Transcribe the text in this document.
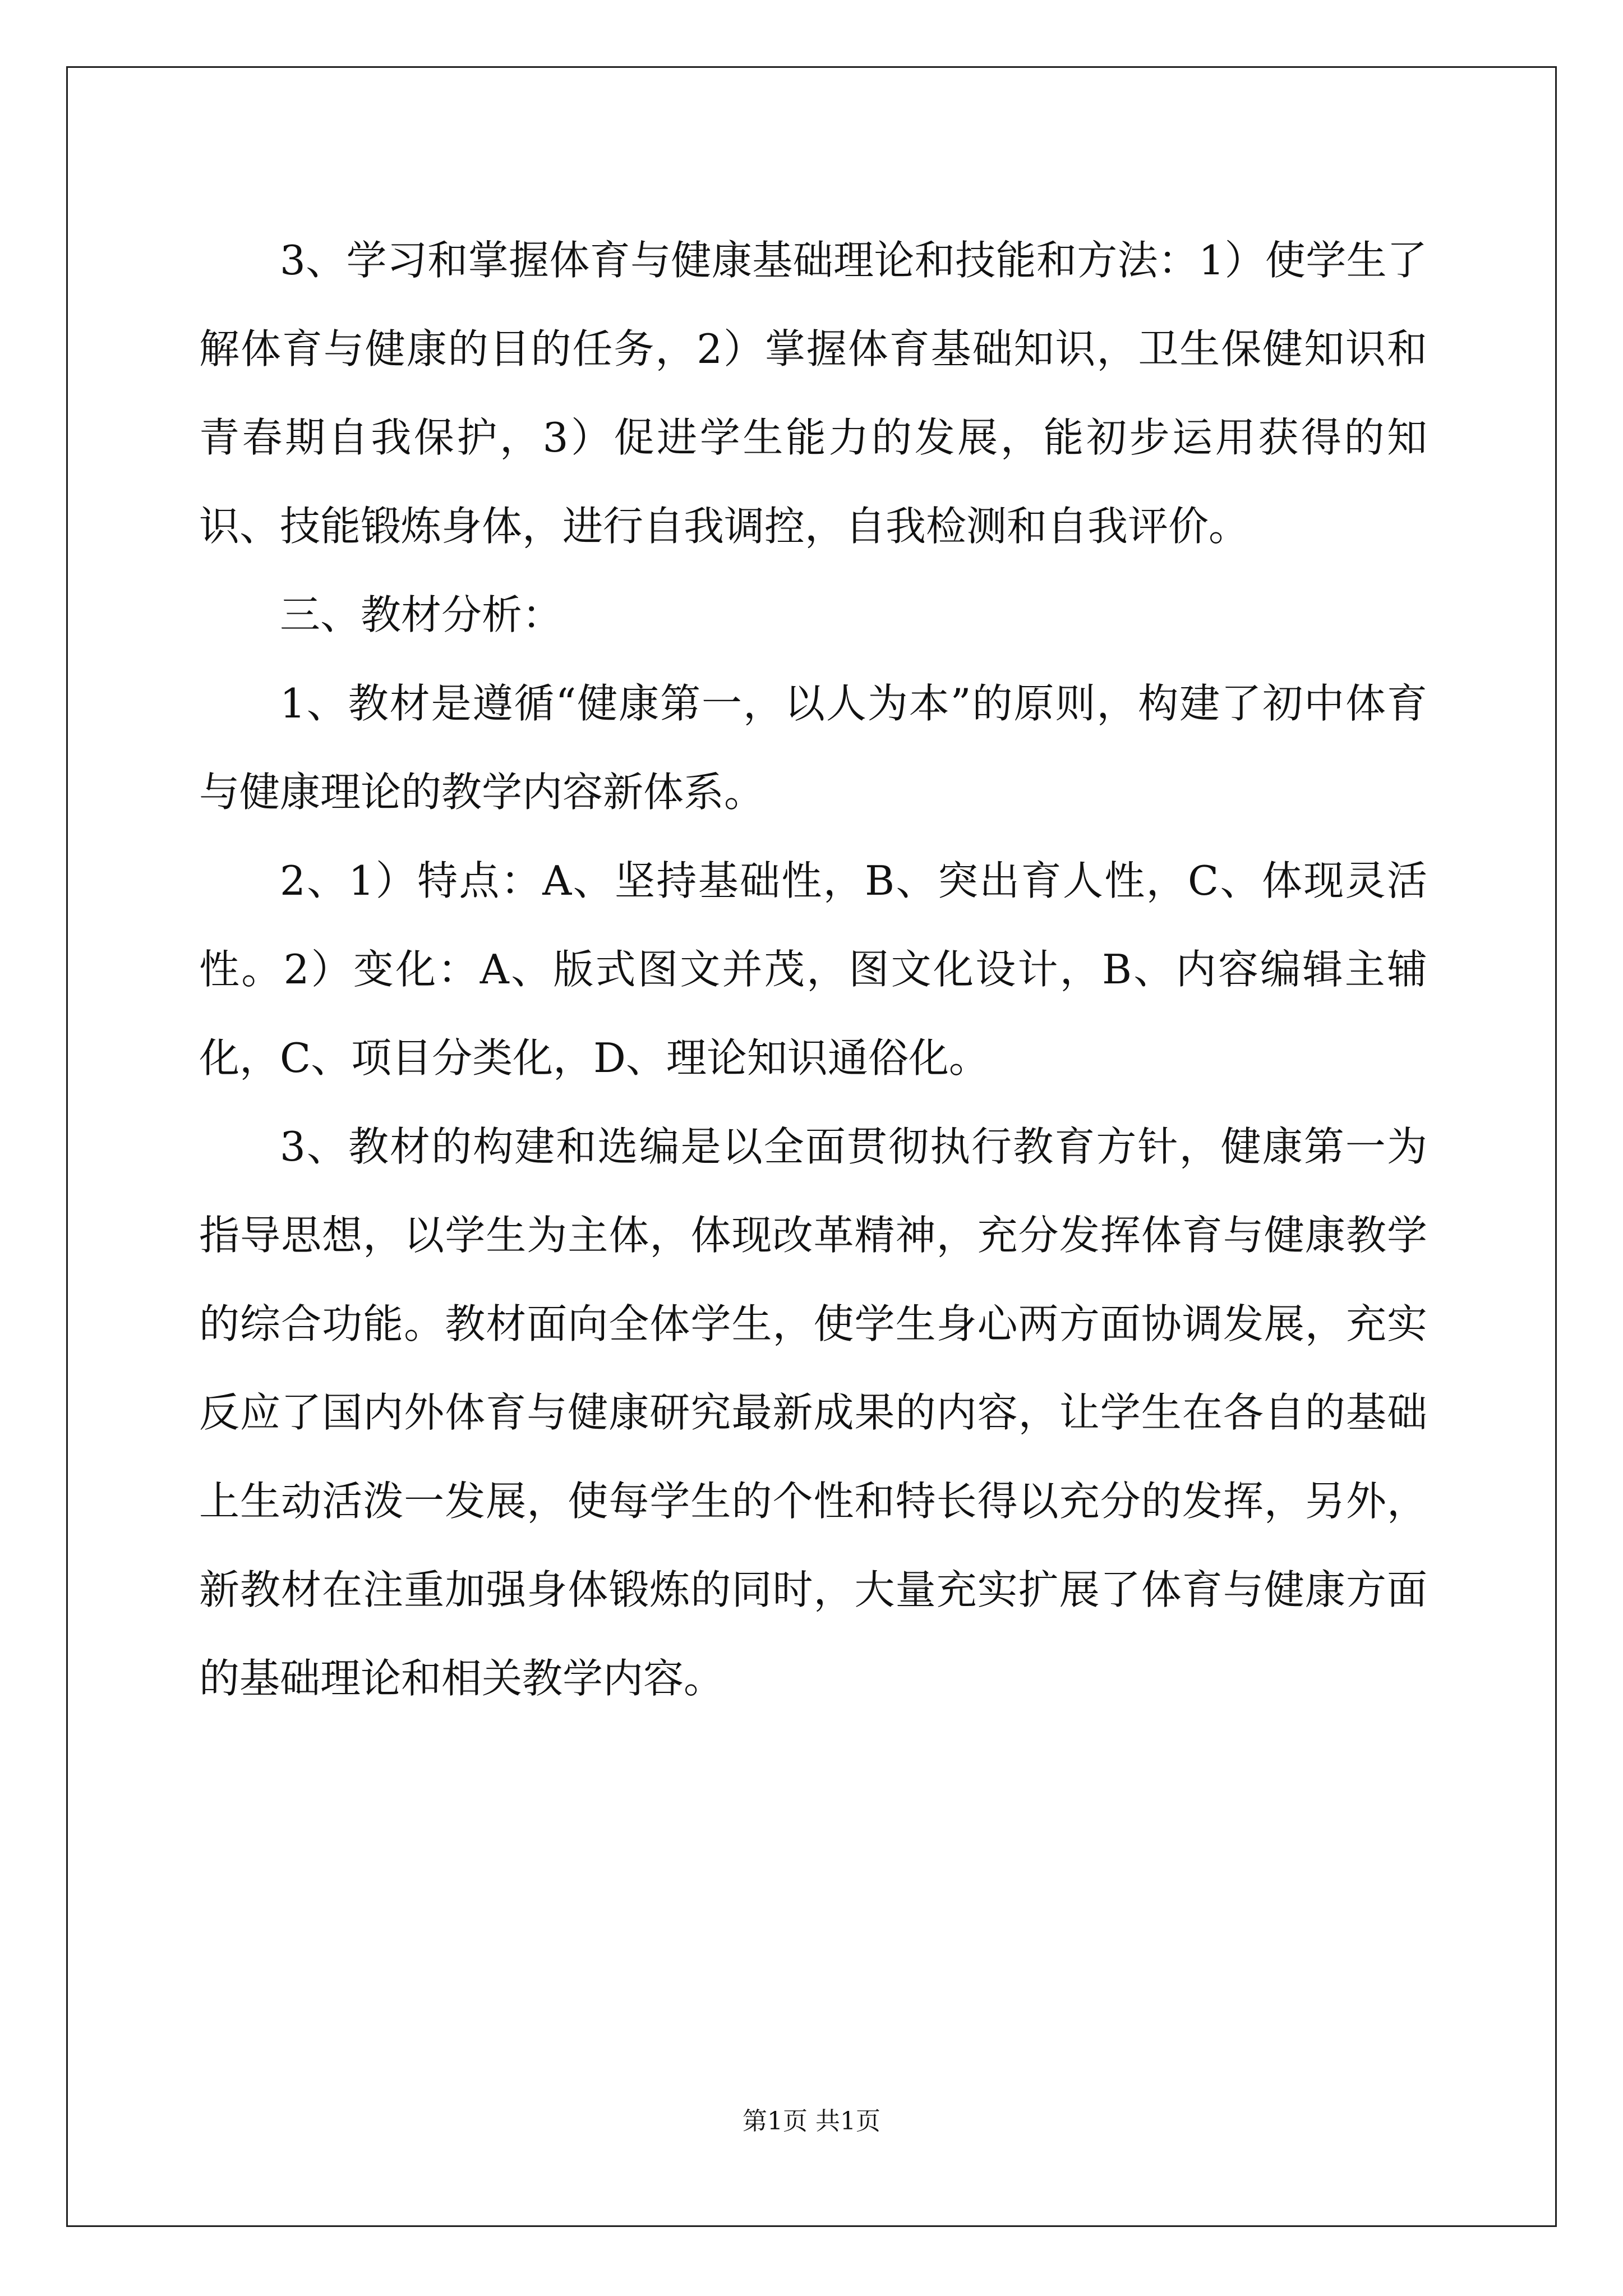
3、学习和掌握体育与健康基础理论和技能和方法：1）使学生了解体育与健康的目的任务，2）掌握体育基础知识，卫生保健知识和青春期自我保护，3）促进学生能力的发展，能初步运用获得的知识、技能锻炼身体，进行自我调控，自我检测和自我评价。

三、教材分析：

1、教材是遵循“健康第一，以人为本”的原则，构建了初中体育与健康理论的教学内容新体系。

2、1）特点：A、坚持基础性，B、突出育人性，C、体现灵活性。2）变化：A、版式图文并茂，图文化设计，B、内容编辑主辅化，C、项目分类化，D、理论知识通俗化。

3、教材的构建和选编是以全面贯彻执行教育方针，健康第一为指导思想，以学生为主体，体现改革精神，充分发挥体育与健康教学的综合功能。教材面向全体学生，使学生身心两方面协调发展，充实反应了国内外体育与健康研究最新成果的内容，让学生在各自的基础上生动活泼一发展，使每学生的个性和特长得以充分的发挥，另外，新教材在注重加强身体锻炼的同时，大量充实扩展了体育与健康方面的基础理论和相关教学内容。

第1页 共1页
